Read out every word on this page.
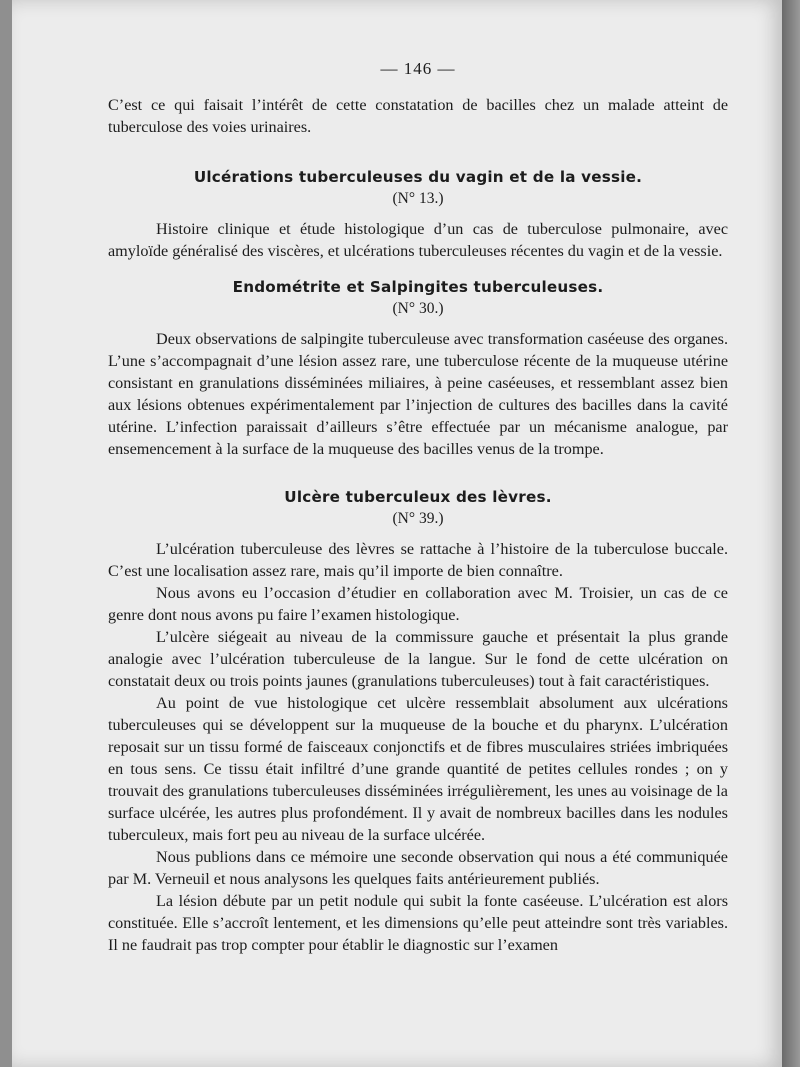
— 146 —

C’est ce qui faisait l’intérêt de cette constatation de bacilles chez un malade atteint de tuberculose des voies urinaires.

Ulcérations tuberculeuses du vagin et de la vessie.
(N° 13.)

Histoire clinique et étude histologique d’un cas de tuberculose pulmonaire, avec amyloïde généralisé des viscères, et ulcérations tuberculeuses récentes du vagin et de la vessie.

Endométrite et Salpingites tuberculeuses.
(N° 30.)

Deux observations de salpingite tuberculeuse avec transformation caséeuse des organes. L’une s’accompagnait d’une lésion assez rare, une tuberculose récente de la muqueuse utérine consistant en granulations disséminées miliaires, à peine caséeuses, et ressemblant assez bien aux lésions obtenues expérimentalement par l’injection de cultures des bacilles dans la cavité utérine. L’infection paraissait d’ailleurs s’être effectuée par un mécanisme analogue, par ensemencement à la surface de la muqueuse des bacilles venus de la trompe.

Ulcère tuberculeux des lèvres.
(N° 39.)

L’ulcération tuberculeuse des lèvres se rattache à l’histoire de la tuberculose buccale. C’est une localisation assez rare, mais qu’il importe de bien connaître.

Nous avons eu l’occasion d’étudier en collaboration avec M. Troisier, un cas de ce genre dont nous avons pu faire l’examen histologique.

L’ulcère siégeait au niveau de la commissure gauche et présentait la plus grande analogie avec l’ulcération tuberculeuse de la langue. Sur le fond de cette ulcération on constatait deux ou trois points jaunes (granulations tuberculeuses) tout à fait caractéristiques.

Au point de vue histologique cet ulcère ressemblait absolument aux ulcérations tuberculeuses qui se développent sur la muqueuse de la bouche et du pharynx. L’ulcération reposait sur un tissu formé de faisceaux conjonctifs et de fibres musculaires striées imbriquées en tous sens. Ce tissu était infiltré d’une grande quantité de petites cellules rondes ; on y trouvait des granulations tuberculeuses disséminées irrégulièrement, les unes au voisinage de la surface ulcérée, les autres plus profondément. Il y avait de nombreux bacilles dans les nodules tuberculeux, mais fort peu au niveau de la surface ulcérée.

Nous publions dans ce mémoire une seconde observation qui nous a été communiquée par M. Verneuil et nous analysons les quelques faits antérieurement publiés.

La lésion débute par un petit nodule qui subit la fonte caséeuse. L’ulcération est alors constituée. Elle s’accroît lentement, et les dimensions qu’elle peut atteindre sont très variables. Il ne faudrait pas trop compter pour établir le diagnostic sur l’examen
